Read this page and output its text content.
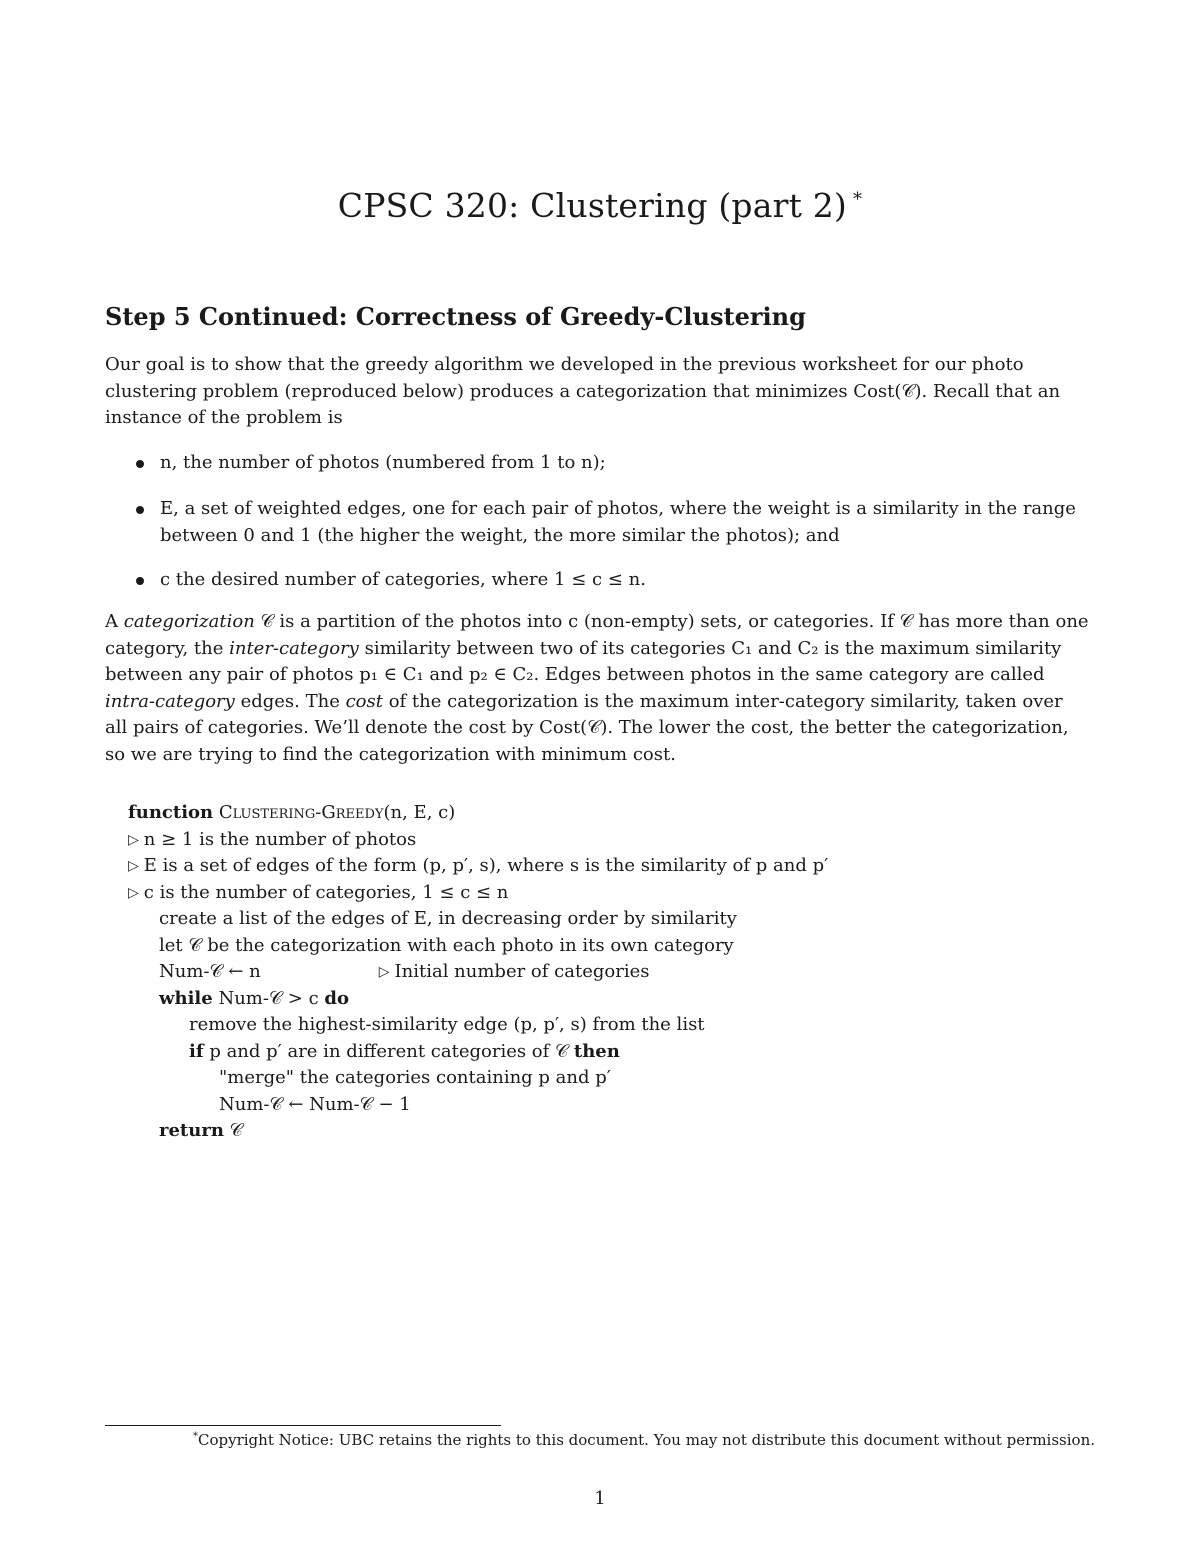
CPSC 320: Clustering (part 2) *
Step 5 Continued: Correctness of Greedy-Clustering
Our goal is to show that the greedy algorithm we developed in the previous worksheet for our photo
clustering problem (reproduced below) produces a categorization that minimizes Cost(𝒞). Recall that an
instance of the problem is
n, the number of photos (numbered from 1 to n);
E, a set of weighted edges, one for each pair of photos, where the weight is a similarity in the range
between 0 and 1 (the higher the weight, the more similar the photos); and
c the desired number of categories, where 1 ≤ c ≤ n.
A categorization 𝒞 is a partition of the photos into c (non-empty) sets, or categories. If 𝒞 has more than one
category, the inter-category similarity between two of its categories C₁ and C₂ is the maximum similarity
between any pair of photos p₁ ∈ C₁ and p₂ ∈ C₂. Edges between photos in the same category are called
intra-category edges. The cost of the categorization is the maximum inter-category similarity, taken over
all pairs of categories. We’ll denote the cost by Cost(𝒞). The lower the cost, the better the categorization,
so we are trying to find the categorization with minimum cost.
function Clustering-Greedy(n, E, c)
▷ n ≥ 1 is the number of photos
▷ E is a set of edges of the form (p, p′, s), where s is the similarity of p and p′
▷ c is the number of categories, 1 ≤ c ≤ n
create a list of the edges of E, in decreasing order by similarity
let 𝒞 be the categorization with each photo in its own category
Num-𝒞 ← n	▷ Initial number of categories
while Num-𝒞 > c do
remove the highest-similarity edge (p, p′, s) from the list
if p and p′ are in different categories of 𝒞 then
"merge" the categories containing p and p′
Num-𝒞 ← Num-𝒞 − 1
return 𝒞
*Copyright Notice: UBC retains the rights to this document. You may not distribute this document without permission.
1
